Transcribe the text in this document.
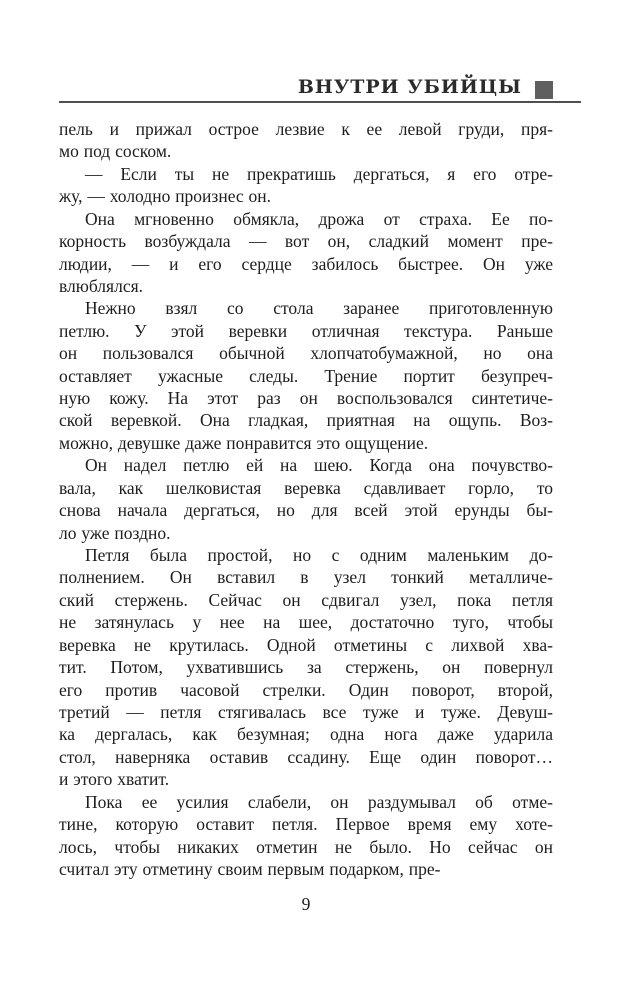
ВНУТРИ УБИЙЦЫ
пель и прижал острое лезвие к ее левой груди, пря-
мо под соском.
— Если ты не прекратишь дергаться, я его отре-
жу, — холодно произнес он.
Она мгновенно обмякла, дрожа от страха. Ее по-
корность возбуждала — вот он, сладкий момент пре-
людии, — и его сердце забилось быстрее. Он уже
влюблялся.
Нежно взял со стола заранее приготовленную
петлю. У этой веревки отличная текстура. Раньше
он пользовался обычной хлопчатобумажной, но она
оставляет ужасные следы. Трение портит безупреч-
ную кожу. На этот раз он воспользовался синтетиче-
ской веревкой. Она гладкая, приятная на ощупь. Воз-
можно, девушке даже понравится это ощущение.
Он надел петлю ей на шею. Когда она почувство-
вала, как шелковистая веревка сдавливает горло, то
снова начала дергаться, но для всей этой ерунды бы-
ло уже поздно.
Петля была простой, но с одним маленьким до-
полнением. Он вставил в узел тонкий металличе-
ский стержень. Сейчас он сдвигал узел, пока петля
не затянулась у нее на шее, достаточно туго, чтобы
веревка не крутилась. Одной отметины с лихвой хва-
тит. Потом, ухватившись за стержень, он повернул
его против часовой стрелки. Один поворот, второй,
третий — петля стягивалась все туже и туже. Девуш-
ка дергалась, как безумная; одна нога даже ударила
стол, наверняка оставив ссадину. Еще один поворот…
и этого хватит.
Пока ее усилия слабели, он раздумывал об отме-
тине, которую оставит петля. Первое время ему хоте-
лось, чтобы никаких отметин не было. Но сейчас он
считал эту отметину своим первым подарком, пре-
9
